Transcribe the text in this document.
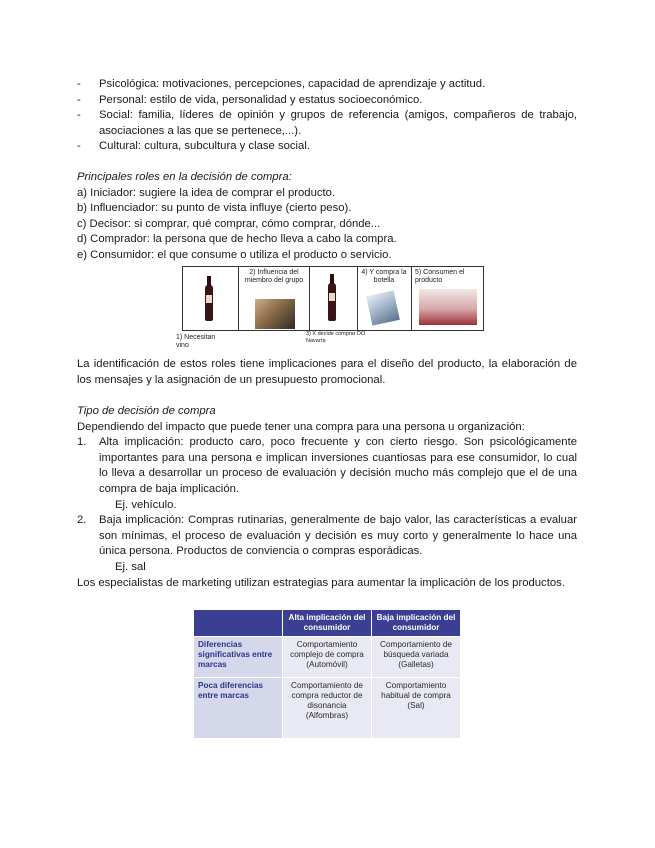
-	Psicológica: motivaciones, percepciones, capacidad de aprendizaje y actitud.
-	Personal: estilo de vida, personalidad y estatus socioeconómico.
-	Social: familia, líderes de opinión y grupos de referencia (amigos, compañeros de trabajo, asociaciones a las que se pertenece,...).
-	Cultural: cultura, subcultura y clase social.
Principales roles en la decisión de compra:
a) Iniciador: sugiere la idea de comprar el producto.
b) Influenciador: su punto de vista influye (cierto peso).
c) Decisor: si comprar, qué comprar, cómo comprar, dónde...
d) Comprador: la persona que de hecho lleva a cabo la compra.
e) Consumidor: el que consume o utiliza el producto o servicio.
2) Influencia del miembro del grupo
4) Y compra la botella
5) Consumen el producto
1) Necesitan vino
3) X decide comprar DO Navarra
La identificación de estos roles tiene implicaciones para el diseño del producto, la elaboración de los mensajes y la asignación de un presupuesto promocional.
Tipo de decisión de compra
Dependiendo del impacto que puede tener una compra para una persona u organización:
1.	Alta implicación: producto caro, poco frecuente y con cierto riesgo. Son psicológicamente importantes para una persona e implican inversiones cuantiosas para ese consumidor, lo cual lo lleva a desarrollar un proceso de evaluación y decisión mucho más complejo que el de una compra de baja implicación.
Ej. vehículo.
2.	Baja implicación: Compras rutinarias, generalmente de bajo valor, las características a evaluar son mínimas, el proceso de evaluación y decisión es muy corto y generalmente lo hace una única persona. Productos de conviencia o compras esporádicas.
Ej. sal
Los especialistas de marketing utilizan estrategias para aumentar la implicación de los productos.
	Alta implicación del consumidor	Baja implicación del consumidor
Diferencias significativas entre marcas	Comportamiento complejo de compra (Automóvil)	Comportamiento de búsqueda variada (Galletas)
Poca diferencias entre marcas	Comportamiento de compra reductor de disonancia (Alfombras)	Comportamiento habitual de compra (Sal)
